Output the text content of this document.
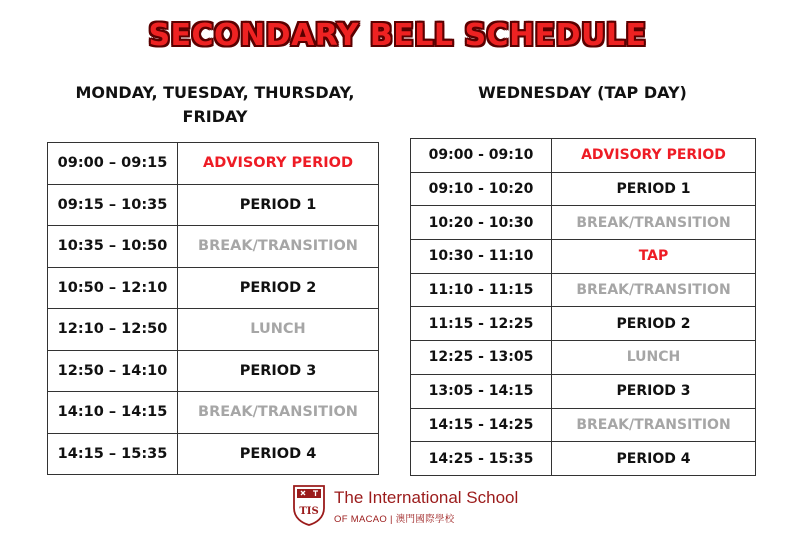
SECONDARY BELL SCHEDULE
MONDAY, TUESDAY, THURSDAY,
FRIDAY
WEDNESDAY (TAP DAY)
09:00 – 09:15	ADVISORY PERIOD
09:15 – 10:35	PERIOD 1
10:35 – 10:50	BREAK/TRANSITION
10:50 – 12:10	PERIOD 2
12:10 – 12:50	LUNCH
12:50 – 14:10	PERIOD 3
14:10 – 14:15	BREAK/TRANSITION
14:15 – 15:35	PERIOD 4
09:00 - 09:10	ADVISORY PERIOD
09:10 - 10:20	PERIOD 1
10:20 - 10:30	BREAK/TRANSITION
10:30 - 11:10	TAP
11:10 - 11:15	BREAK/TRANSITION
11:15 - 12:25	PERIOD 2
12:25 - 13:05	LUNCH
13:05 - 14:15	PERIOD 3
14:15 - 14:25	BREAK/TRANSITION
14:25 - 15:35	PERIOD 4
TIS
The International School
OF MACAO | 澳門國際學校
